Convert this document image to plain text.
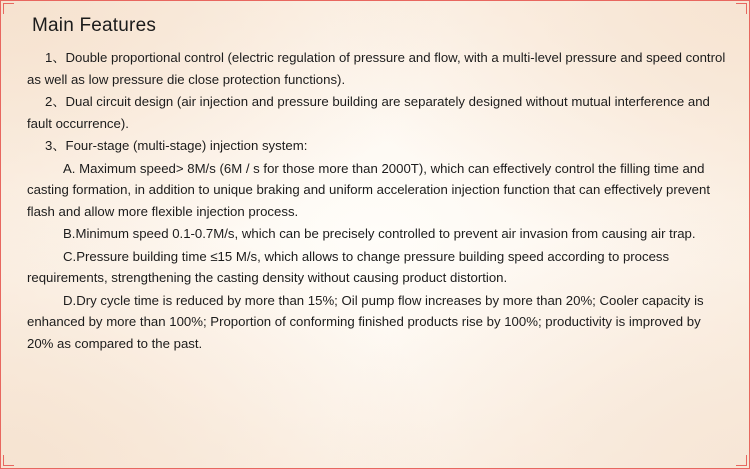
Main Features

1、Double proportional control (electric regulation of pressure and flow, with a multi-level pressure and speed control as well as low pressure die close protection functions).

2、Dual circuit design (air injection and pressure building are separately designed without mutual interference and fault occurrence).

3、Four-stage (multi-stage) injection system:

A. Maximum speed> 8M/s (6M / s for those more than 2000T), which can effectively control the filling time and casting formation, in addition to unique braking and uniform acceleration injection function that can effectively prevent flash and allow more flexible injection process.

B.Minimum speed 0.1-0.7M/s, which can be precisely controlled to prevent air invasion from causing air trap.

C.Pressure building time ≤15 M/s, which allows to change pressure building speed according to process requirements, strengthening the casting density without causing product distortion.

D.Dry cycle time is reduced by more than 15%; Oil pump flow increases by more than 20%; Cooler capacity is enhanced by more than 100%; Proportion of conforming finished products rise by 100%; productivity is improved by 20% as compared to the past.
